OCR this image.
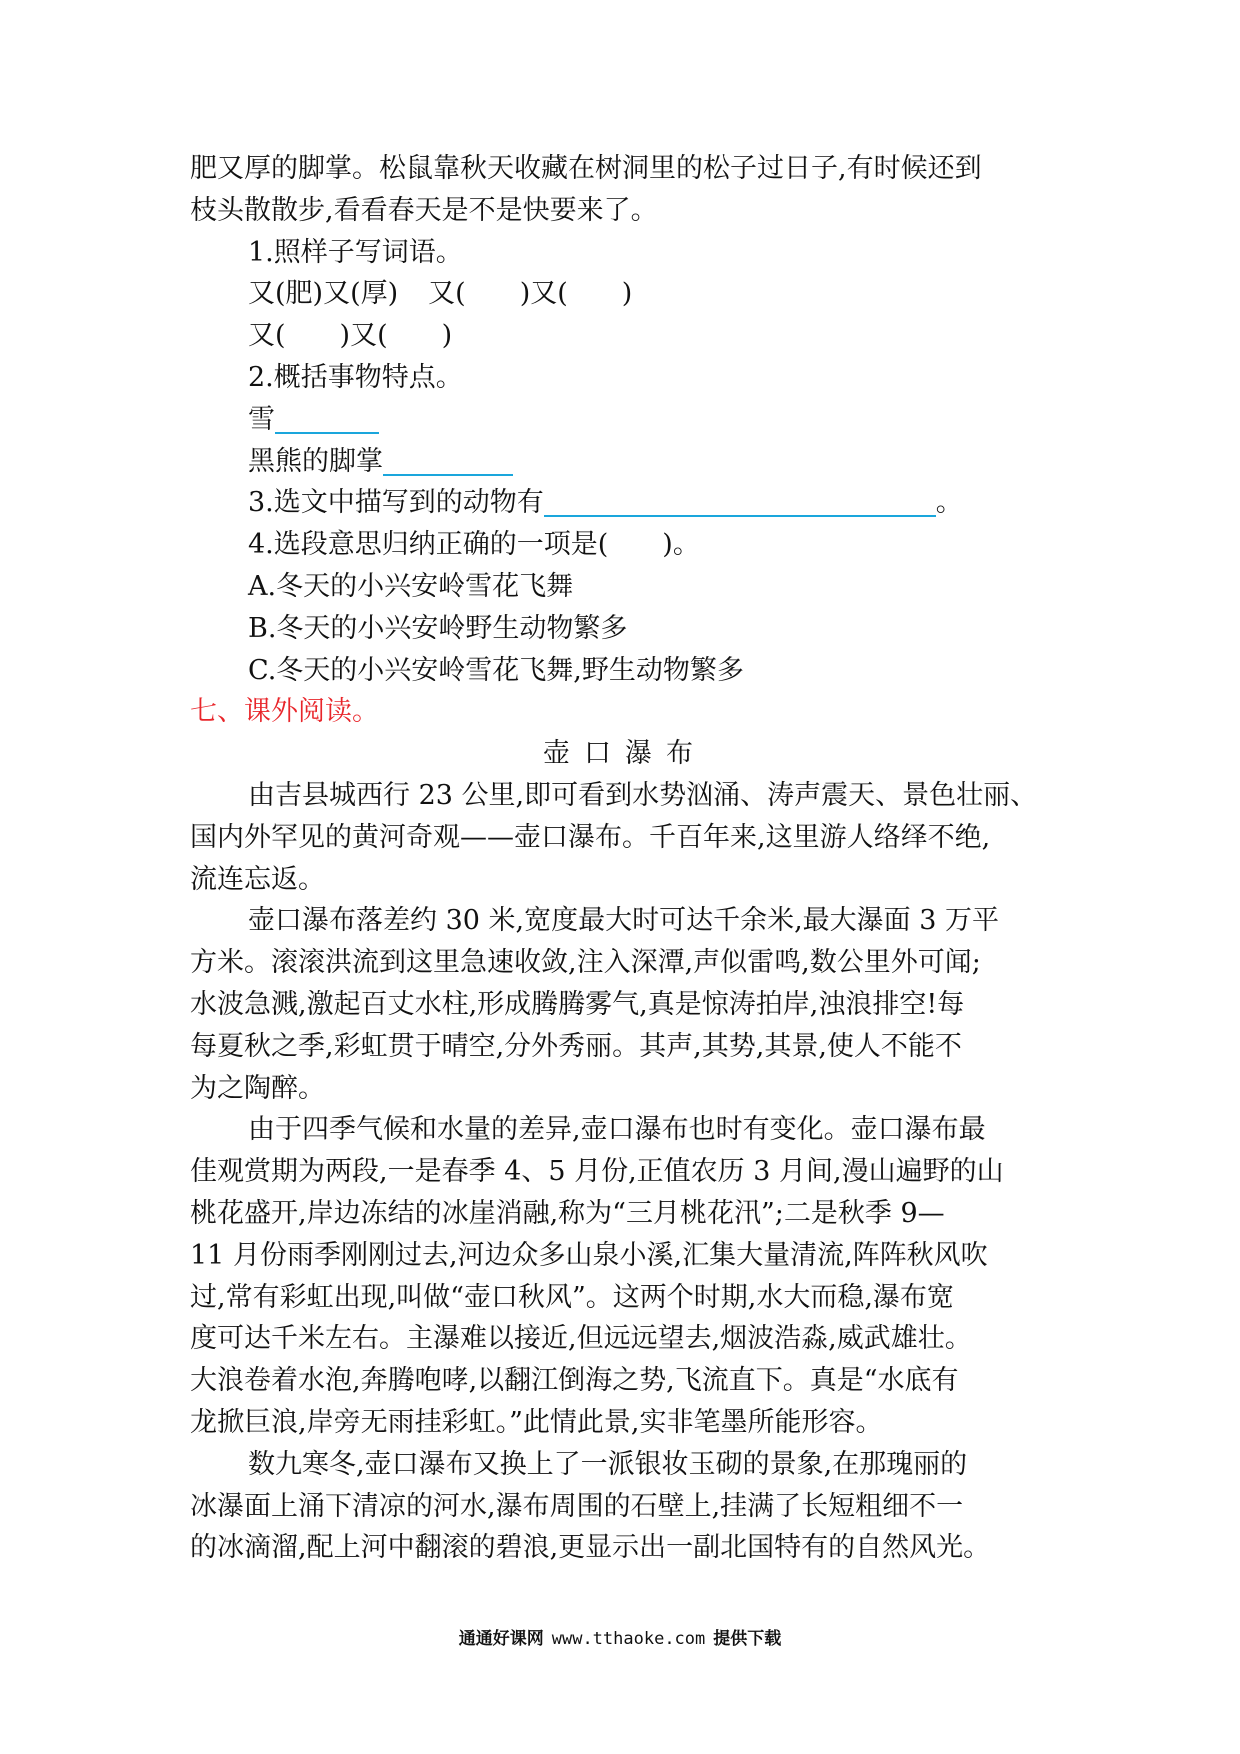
肥又厚的脚掌。松鼠靠秋天收藏在树洞里的松子过日子,有时候还到
枝头散散步,看看春天是不是快要来了。
1.照样子写词语。
又(肥)又(厚) 又( )又( )
又( )又( )
2.概括事物特点。
雪
黑熊的脚掌
3.选文中描写到的动物有	。
4.选段意思归纳正确的一项是( )。
A.冬天的小兴安岭雪花飞舞
B.冬天的小兴安岭野生动物繁多
C.冬天的小兴安岭雪花飞舞,野生动物繁多
七、课外阅读。
壶口瀑布
由吉县城西行 23 公里,即可看到水势汹涌、涛声震天、景色壮丽、
国内外罕见的黄河奇观——壶口瀑布。千百年来,这里游人络绎不绝,
流连忘返。
壶口瀑布落差约 30 米,宽度最大时可达千余米,最大瀑面 3 万平
方米。滚滚洪流到这里急速收敛,注入深潭,声似雷鸣,数公里外可闻;
水波急溅,激起百丈水柱,形成腾腾雾气,真是惊涛拍岸,浊浪排空!每
每夏秋之季,彩虹贯于晴空,分外秀丽。其声,其势,其景,使人不能不
为之陶醉。
由于四季气候和水量的差异,壶口瀑布也时有变化。壶口瀑布最
佳观赏期为两段,一是春季 4、5 月份,正值农历 3 月间,漫山遍野的山
桃花盛开,岸边冻结的冰崖消融,称为“三月桃花汛”;二是秋季 9—
11 月份雨季刚刚过去,河边众多山泉小溪,汇集大量清流,阵阵秋风吹
过,常有彩虹出现,叫做“壶口秋风”。这两个时期,水大而稳,瀑布宽
度可达千米左右。主瀑难以接近,但远远望去,烟波浩淼,威武雄壮。
大浪卷着水泡,奔腾咆哮,以翻江倒海之势,飞流直下。真是“水底有
龙掀巨浪,岸旁无雨挂彩虹。”此情此景,实非笔墨所能形容。
数九寒冬,壶口瀑布又换上了一派银妆玉砌的景象,在那瑰丽的
冰瀑面上涌下清凉的河水,瀑布周围的石壁上,挂满了长短粗细不一
的冰滴溜,配上河中翻滚的碧浪,更显示出一副北国特有的自然风光。
通通好课网 www.tthaoke.com 提供下载
